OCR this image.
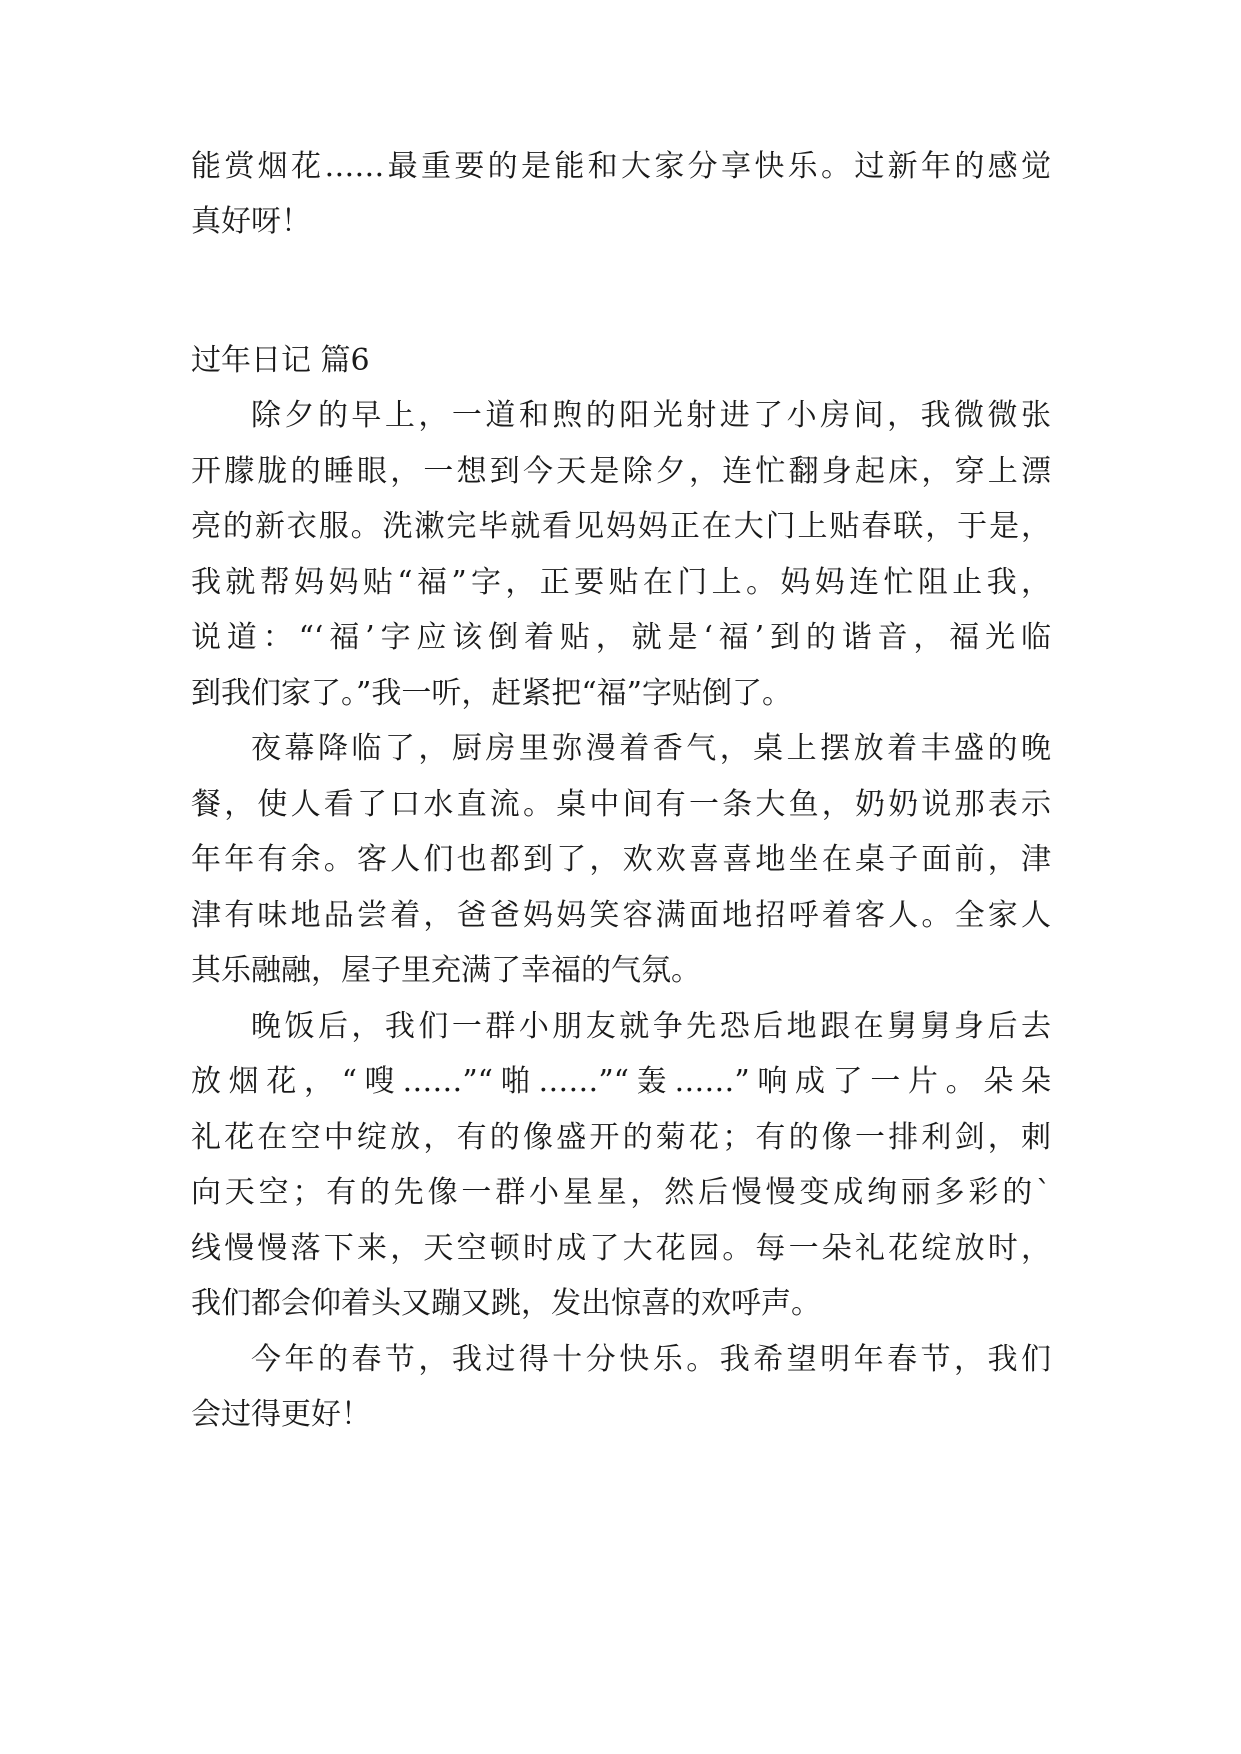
能赏烟花……最重要的是能和大家分享快乐。过新年的感觉
真好呀！
过年日记 篇6
除夕的早上，一道和煦的阳光射进了小房间，我微微张
开朦胧的睡眼，一想到今天是除夕，连忙翻身起床，穿上漂
亮的新衣服。洗漱完毕就看见妈妈正在大门上贴春联，于是，
我就帮妈妈贴“福”字，正要贴在门上。妈妈连忙阻止我，
说道：“‘福’字应该倒着贴，就是‘福’到的谐音，福光临
到我们家了。”我一听，赶紧把“福”字贴倒了。
夜幕降临了，厨房里弥漫着香气，桌上摆放着丰盛的晚
餐，使人看了口水直流。桌中间有一条大鱼，奶奶说那表示
年年有余。客人们也都到了，欢欢喜喜地坐在桌子面前，津
津有味地品尝着，爸爸妈妈笑容满面地招呼着客人。全家人
其乐融融，屋子里充满了幸福的气氛。
晚饭后，我们一群小朋友就争先恐后地跟在舅舅身后去
放烟花，“嗖……”“啪……”“轰……”响成了一片。朵朵
礼花在空中绽放，有的像盛开的菊花；有的像一排利剑，刺
向天空；有的先像一群小星星，然后慢慢变成绚丽多彩的`
线慢慢落下来，天空顿时成了大花园。每一朵礼花绽放时，
我们都会仰着头又蹦又跳，发出惊喜的欢呼声。
今年的春节，我过得十分快乐。我希望明年春节，我们
会过得更好！
